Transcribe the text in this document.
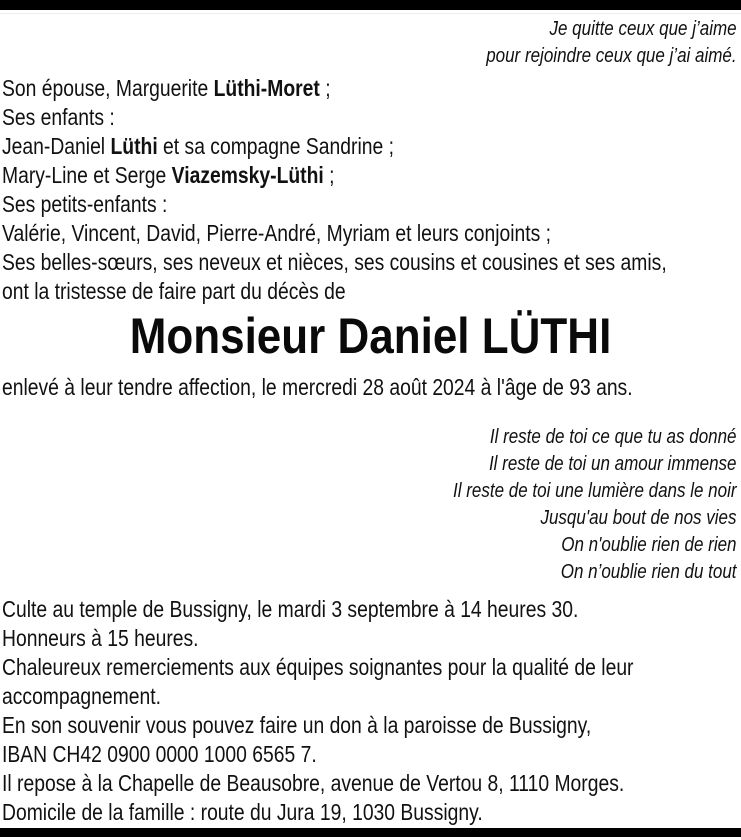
Je quitte ceux que j’aime
pour rejoindre ceux que j’ai aimé.
Son épouse, Marguerite Lüthi-Moret ;
Ses enfants :
Jean-Daniel Lüthi et sa compagne Sandrine ;
Mary-Line et Serge Viazemsky-Lüthi ;
Ses petits-enfants :
Valérie, Vincent, David, Pierre-André, Myriam et leurs conjoints ;
Ses belles-sœurs, ses neveux et nièces, ses cousins et cousines et ses amis,
ont la tristesse de faire part du décès de
Monsieur Daniel LÜTHI
enlevé à leur tendre affection, le mercredi 28 août 2024 à l'âge de 93 ans.
Il reste de toi ce que tu as donné
Il reste de toi un amour immense
Il reste de toi une lumière dans le noir
Jusqu'au bout de nos vies
On n'oublie rien de rien
On n’oublie rien du tout
Culte au temple de Bussigny, le mardi 3 septembre à 14 heures 30.
Honneurs à 15 heures.
Chaleureux remerciements aux équipes soignantes pour la qualité de leur
accompagnement.
En son souvenir vous pouvez faire un don à la paroisse de Bussigny,
IBAN CH42 0900 0000 1000 6565 7.
Il repose à la Chapelle de Beausobre, avenue de Vertou 8, 1110 Morges.
Domicile de la famille : route du Jura 19, 1030 Bussigny.
